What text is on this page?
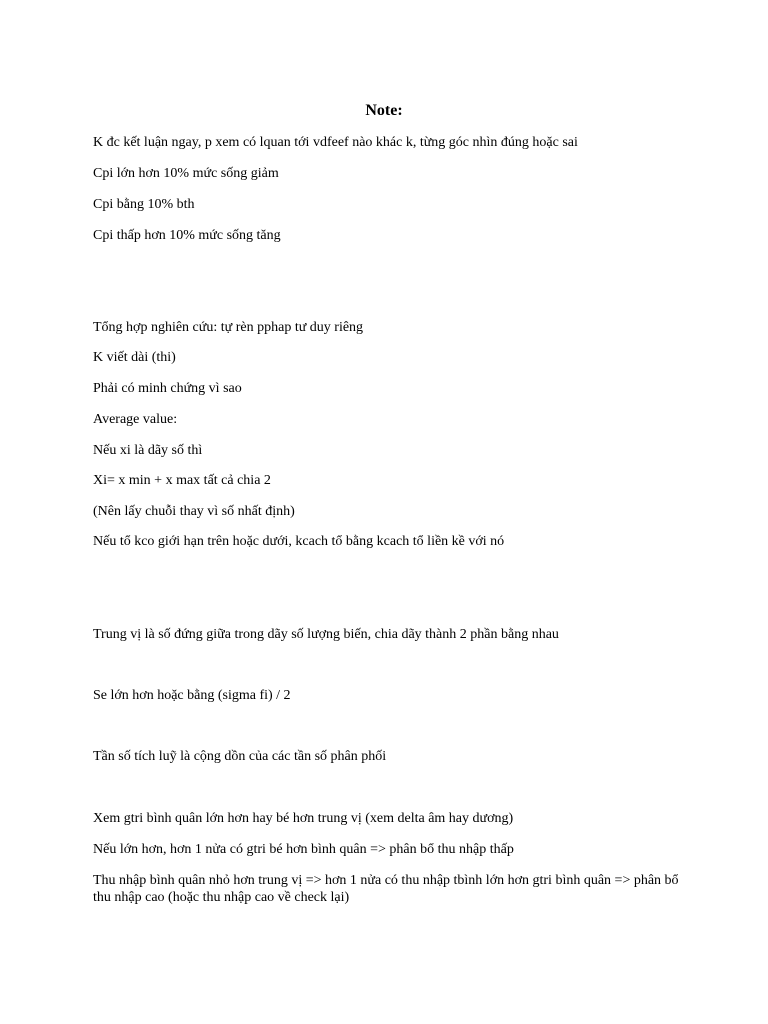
Note:
K đc kết luận ngay, p xem có lquan tới vdfeef nào khác k, từng góc nhìn đúng hoặc sai
Cpi lớn hơn 10% mức sống giảm
Cpi bằng 10% bth
Cpi thấp hơn 10% mức sống tăng
Tổng hợp nghiên cứu: tự rèn pphap tư duy riêng
K viết dài (thi)
Phải có minh chứng vì sao
Average value:
Nếu xi là dãy số thì
Xi= x min + x max tất cả chia 2
(Nên lấy chuỗi thay vì số nhất định)
Nếu tổ kco giới hạn trên hoặc dưới, kcach tổ bằng kcach tổ liền kề với nó
Trung vị là số đứng giữa trong dãy số lượng biến, chia dãy thành 2 phần bằng nhau
Se lớn hơn hoặc bằng (sigma fi) / 2
Tần số tích luỹ là cộng dồn của các tần số phân phối
Xem gtri bình quân lớn hơn hay bé hơn trung vị (xem delta âm hay dương)
Nếu lớn hơn, hơn 1 nửa có gtri bé hơn bình quân => phân bổ thu nhập thấp
Thu nhập bình quân nhỏ hơn trung vị => hơn 1 nửa có thu nhập tbình lớn hơn gtri bình quân => phân bổ thu nhập cao (hoặc thu nhập cao về check lại)
